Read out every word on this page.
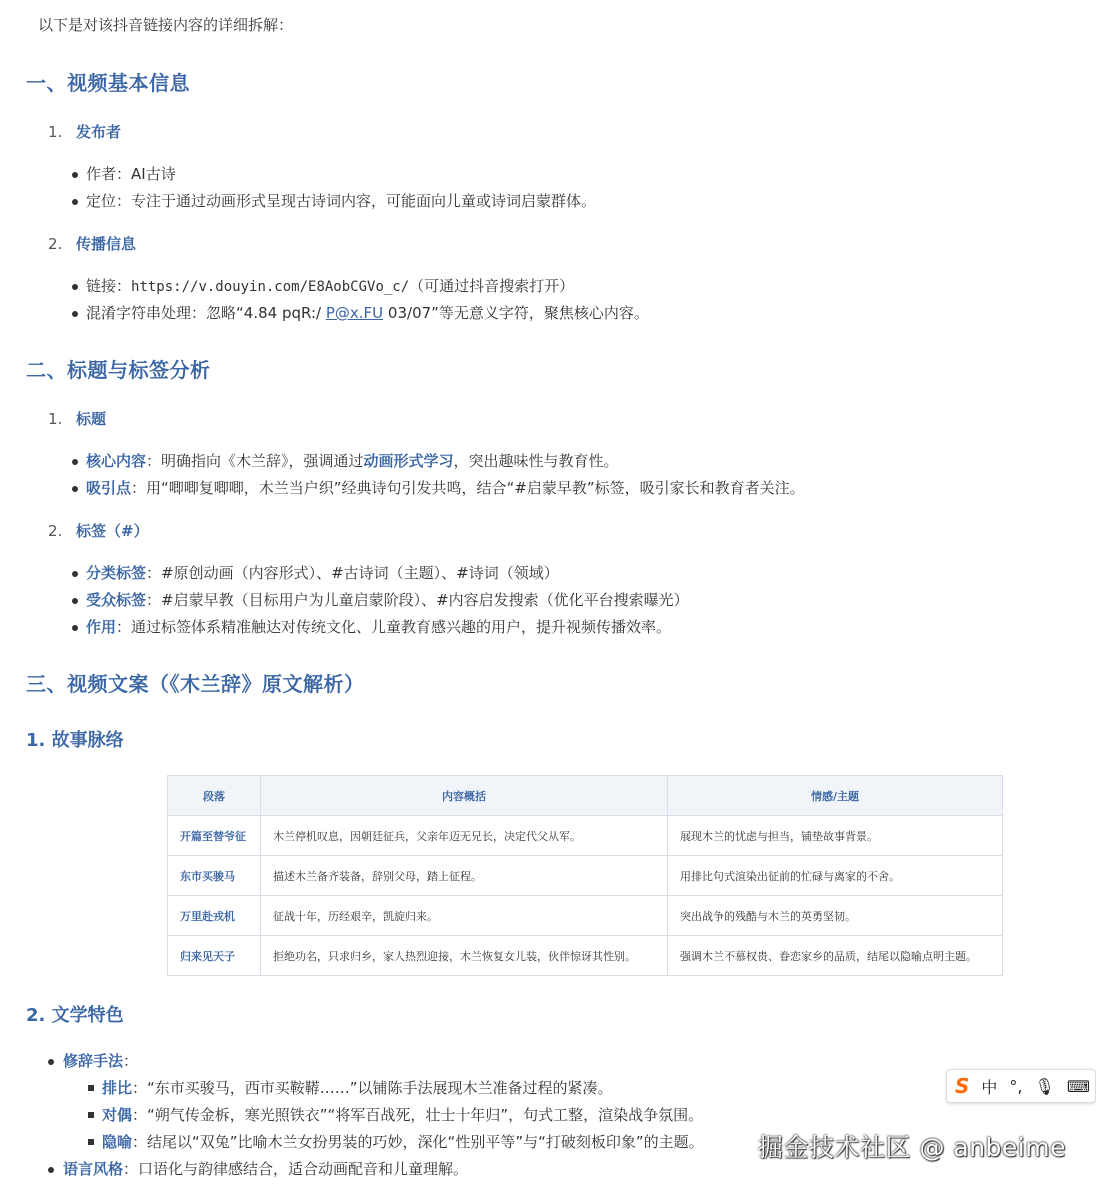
以下是对该抖音链接内容的详细拆解：
一、视频基本信息
1. 发布者
作者：AI古诗
定位：专注于通过动画形式呈现古诗词内容，可能面向儿童或诗词启蒙群体。
2. 传播信息
链接：https://v.douyin.com/E8AobCGVo_c/（可通过抖音搜索打开）
混淆字符串处理：忽略“4.84 pqR:/ P@x.FU 03/07”等无意义字符，聚焦核心内容。
二、标题与标签分析
1. 标题
核心内容：明确指向《木兰辞》，强调通过动画形式学习，突出趣味性与教育性。
吸引点：用“唧唧复唧唧，木兰当户织”经典诗句引发共鸣，结合“#启蒙早教”标签，吸引家长和教育者关注。
2. 标签（#）
分类标签：#原创动画（内容形式）、#古诗词（主题）、#诗词（领域）
受众标签：#启蒙早教（目标用户为儿童启蒙阶段）、#内容启发搜索（优化平台搜索曝光）
作用：通过标签体系精准触达对传统文化、儿童教育感兴趣的用户，提升视频传播效率。
三、视频文案（《木兰辞》原文解析）
1. 故事脉络
段落	内容概括	情感/主题
开篇至替爷征	木兰停机叹息，因朝廷征兵，父亲年迈无兄长，决定代父从军。	展现木兰的忧虑与担当，铺垫故事背景。
东市买骏马	描述木兰备齐装备，辞别父母，踏上征程。	用排比句式渲染出征前的忙碌与离家的不舍。
万里赴戎机	征战十年，历经艰辛，凯旋归来。	突出战争的残酷与木兰的英勇坚韧。
归来见天子	拒绝功名，只求归乡，家人热烈迎接，木兰恢复女儿装，伙伴惊讶其性别。	强调木兰不慕权贵、眷恋家乡的品质，结尾以隐喻点明主题。
2. 文学特色
修辞手法：
排比：“东市买骏马，西市买鞍鞯……”以铺陈手法展现木兰准备过程的紧凑。
对偶：“朔气传金柝，寒光照铁衣”“将军百战死，壮士十年归”，句式工整，渲染战争氛围。
隐喻：结尾以“双兔”比喻木兰女扮男装的巧妙，深化“性别平等”与“打破刻板印象”的主题。
语言风格：口语化与韵律感结合，适合动画配音和儿童理解。
S 中 °, 🎙 ⌨
掘金技术社区 @ anbeime
